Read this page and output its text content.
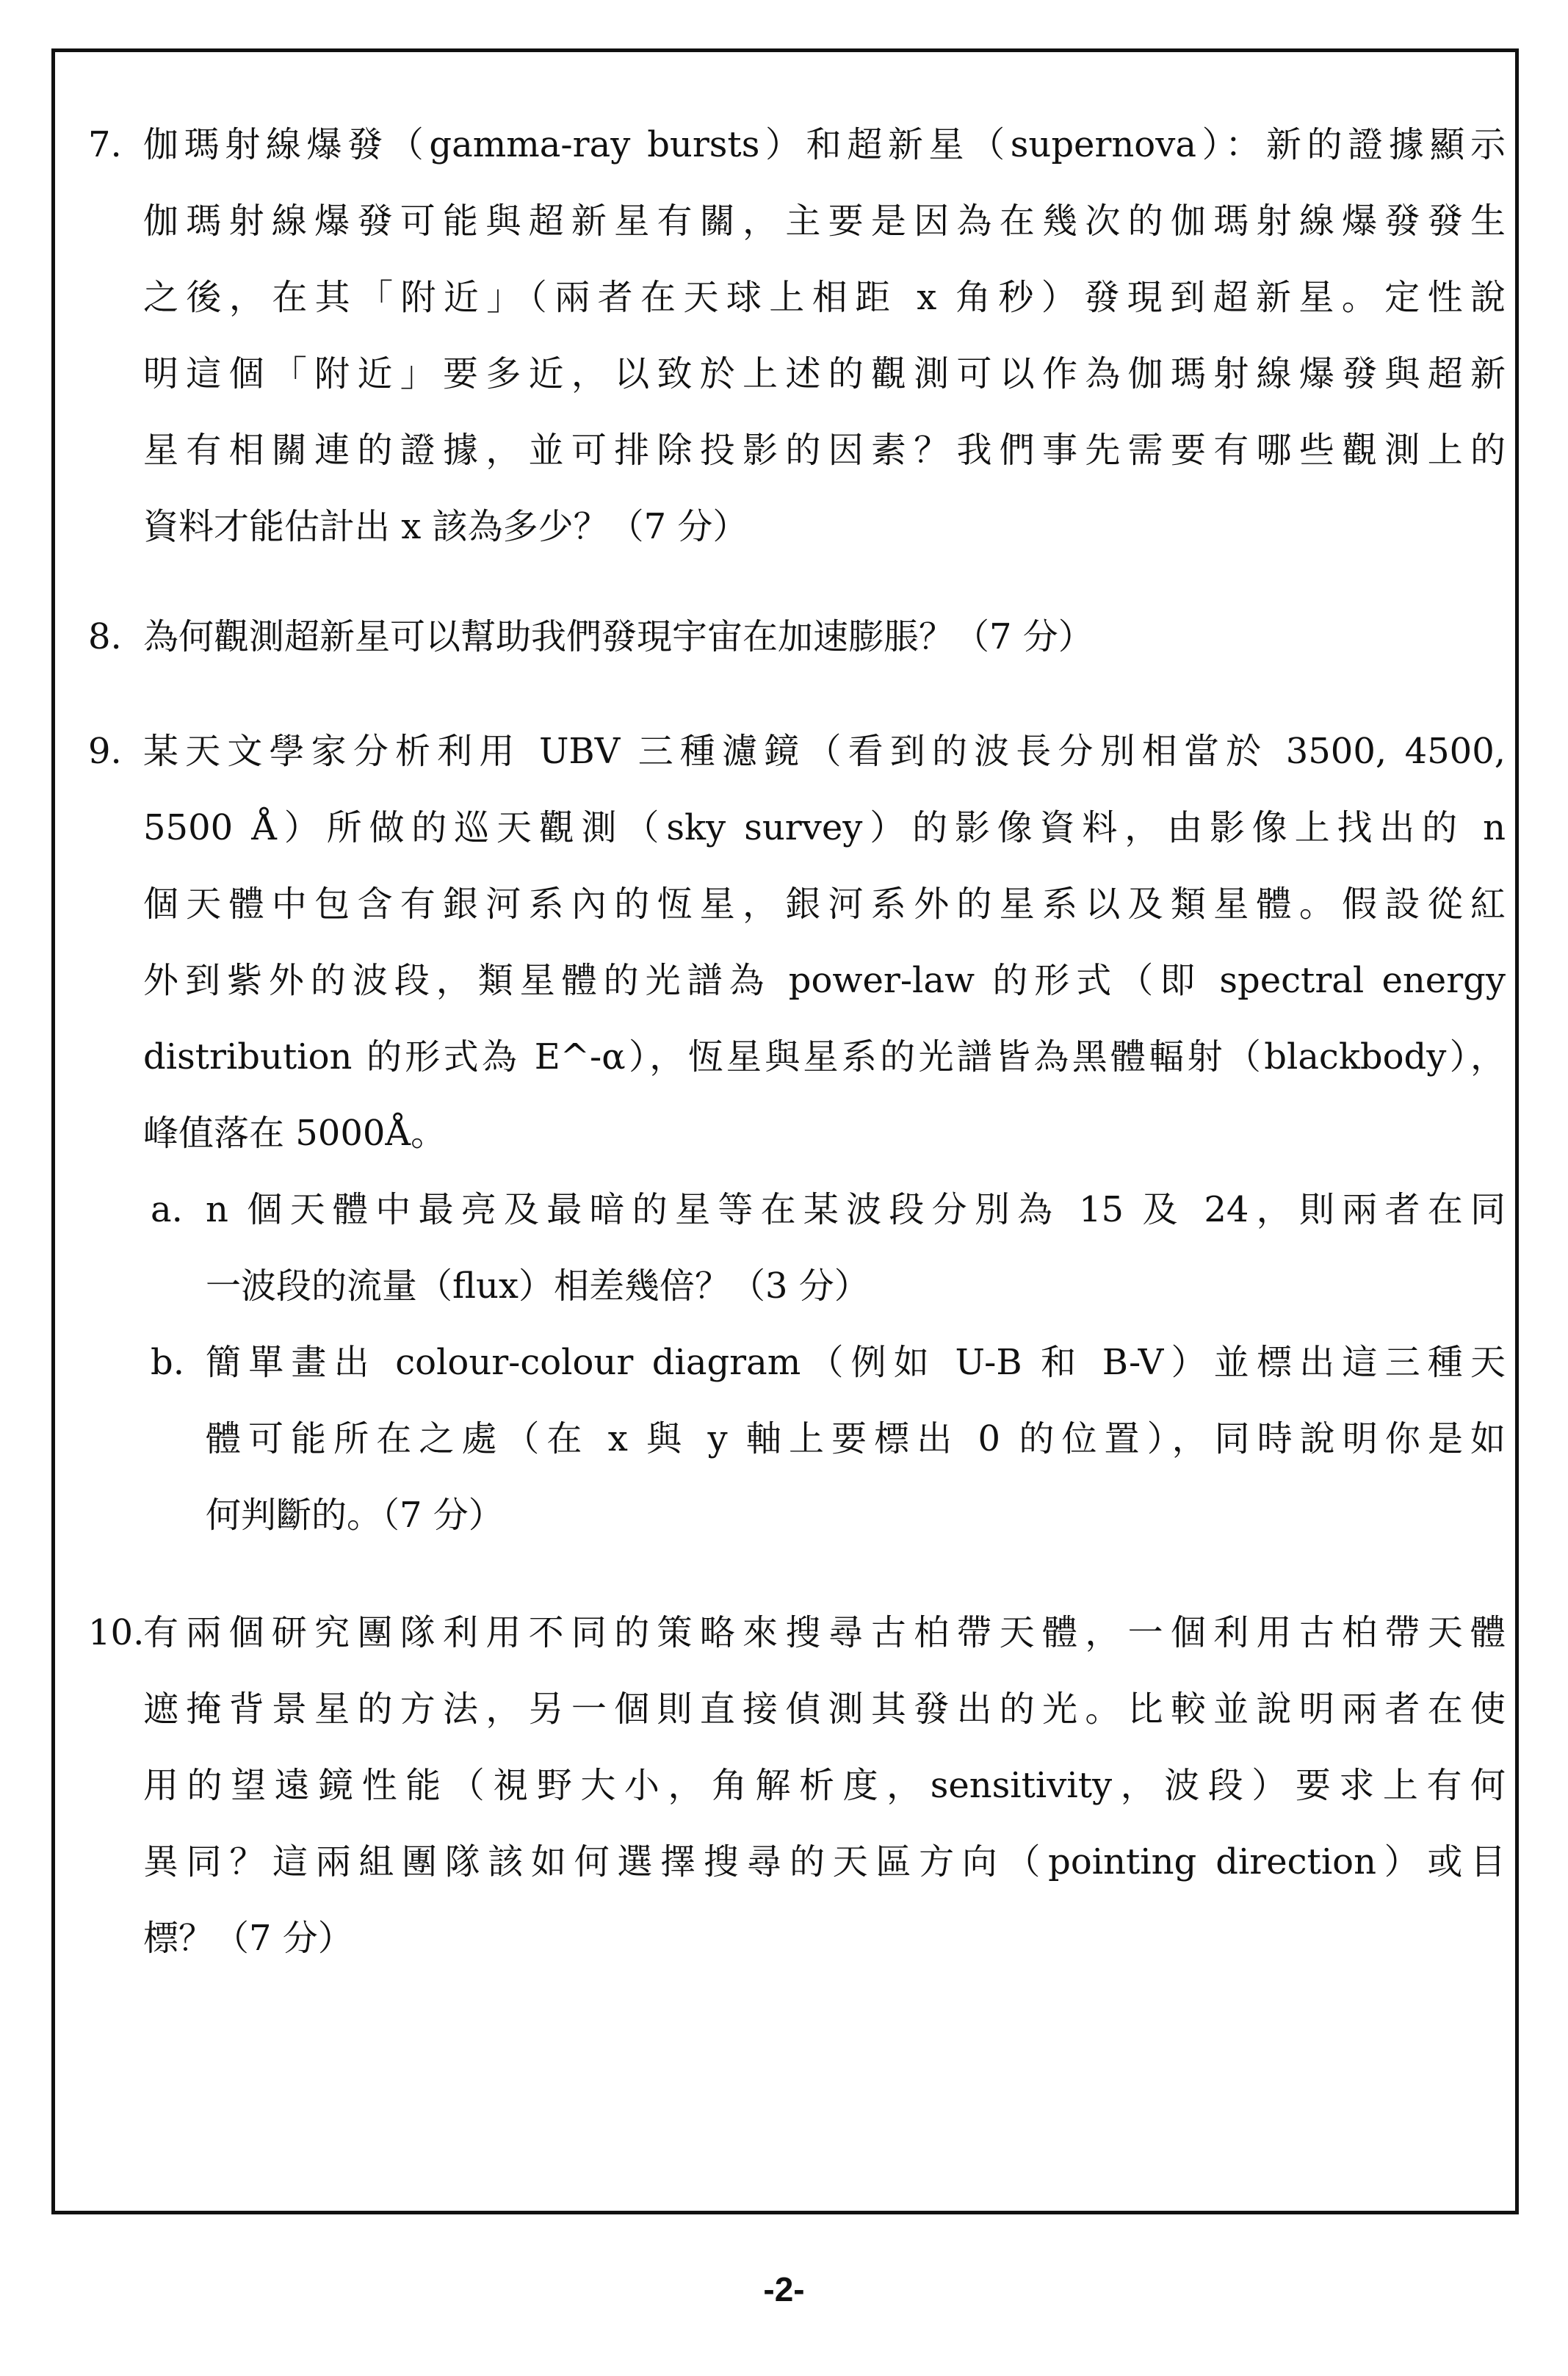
7. 伽瑪射線爆發（gamma-ray bursts）和超新星（supernova）：新的證據顯示
伽瑪射線爆發可能與超新星有關，主要是因為在幾次的伽瑪射線爆發發生
之後，在其「附近」（兩者在天球上相距 x 角秒）發現到超新星。定性說
明這個「附近」要多近，以致於上述的觀測可以作為伽瑪射線爆發與超新
星有相關連的證據，並可排除投影的因素？我們事先需要有哪些觀測上的
資料才能估計出 x 該為多少？（7 分）
8. 為何觀測超新星可以幫助我們發現宇宙在加速膨脹？（7 分）
9. 某天文學家分析利用 UBV 三種濾鏡（看到的波長分別相當於 3500, 4500,
5500 Å）所做的巡天觀測（sky survey）的影像資料，由影像上找出的 n
個天體中包含有銀河系內的恆星，銀河系外的星系以及類星體。假設從紅
外到紫外的波段，類星體的光譜為 power-law 的形式（即 spectral energy
distribution 的形式為 E^-α），恆星與星系的光譜皆為黑體輻射（blackbody），
峰值落在 5000Å。
a. n 個天體中最亮及最暗的星等在某波段分別為 15 及 24，則兩者在同
一波段的流量（flux）相差幾倍？（3 分）
b. 簡單畫出 colour-colour diagram（例如 U-B 和 B-V）並標出這三種天
體可能所在之處（在 x 與 y 軸上要標出 0 的位置），同時說明你是如
何判斷的。（7 分）
10.
有兩個研究團隊利用不同的策略來搜尋古柏帶天體，一個利用古柏帶天體
遮掩背景星的方法，另一個則直接偵測其發出的光。比較並說明兩者在使
用的望遠鏡性能（視野大小，角解析度，sensitivity，波段）要求上有何
異同？這兩組團隊該如何選擇搜尋的天區方向（pointing direction）或目
標？（7 分）
-2-
